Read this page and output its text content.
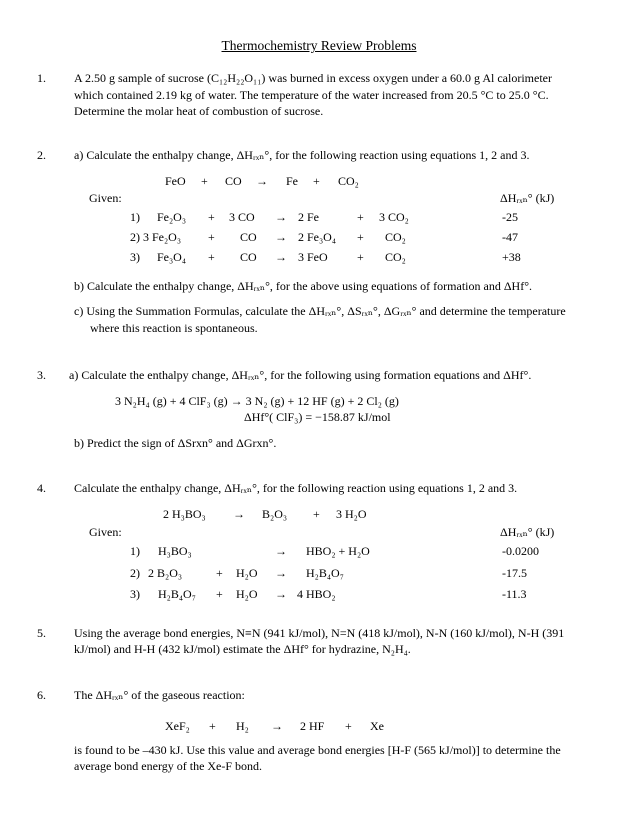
Thermochemistry Review Problems
1. A 2.50 g sample of sucrose (C₁₂H₂₂O₁₁) was burned in excess oxygen under a 60.0 g Al calorimeter
which contained 2.19 kg of water. The temperature of the water increased from 20.5 °C to 25.0 °C.
Determine the molar heat of combustion of sucrose.
2. a) Calculate the enthalpy change, ΔHᵣₓₙ°, for the following reaction using equations 1, 2 and 3.
FeO + CO → Fe + CO₂
Given:	ΔHᵣₓₙ° (kJ)
1) Fe₂O₃ + 3 CO → 2 Fe	+ 3 CO₂	-25
2) 3 Fe₂O₃ + CO → 2 Fe₃O₄ + CO₂	-47
3) Fe₃O₄ + CO → 3 FeO + CO₂	+38
b) Calculate the enthalpy change, ΔHᵣₓₙ°, for the above using equations of formation and ΔHf°.
c) Using the Summation Formulas, calculate the ΔHᵣₓₙ°, ΔSᵣₓₙ°, ΔGᵣₓₙ° and determine the temperature
where this reaction is spontaneous.
3. a) Calculate the enthalpy change, ΔHᵣₓₙ°, for the following using formation equations and ΔHf°.
3 N₂H₄ (g) + 4 ClF₃ (g) → 3 N₂ (g) + 12 HF (g) + 2 Cl₂ (g)
ΔHf°( ClF₃) = −158.87 kJ/mol
b) Predict the sign of ΔSrxn° and ΔGrxn°.
4. Calculate the enthalpy change, ΔHᵣₓₙ°, for the following reaction using equations 1, 2 and 3.
2 H₃BO₃ → B₂O₃ + 3 H₂O
Given:	ΔHᵣₓₙ° (kJ)
1) H₃BO₃	→ HBO₂ + H₂O	-0.0200
2) 2 B₂O₃	+ H₂O → H₂B₄O₇	-17.5
3) H₂B₄O₇ + H₂O → 4 HBO₂	-11.3
5. Using the average bond energies, N≡N (941 kJ/mol), N=N (418 kJ/mol), N-N (160 kJ/mol), N-H (391
kJ/mol) and H-H (432 kJ/mol) estimate the ΔHf° for hydrazine, N₂H₄.
6. The ΔHᵣₓₙ° of the gaseous reaction:
XeF₂ + H₂ → 2 HF + Xe
is found to be –430 kJ. Use this value and average bond energies [H-F (565 kJ/mol)] to determine the
average bond energy of the Xe-F bond.
